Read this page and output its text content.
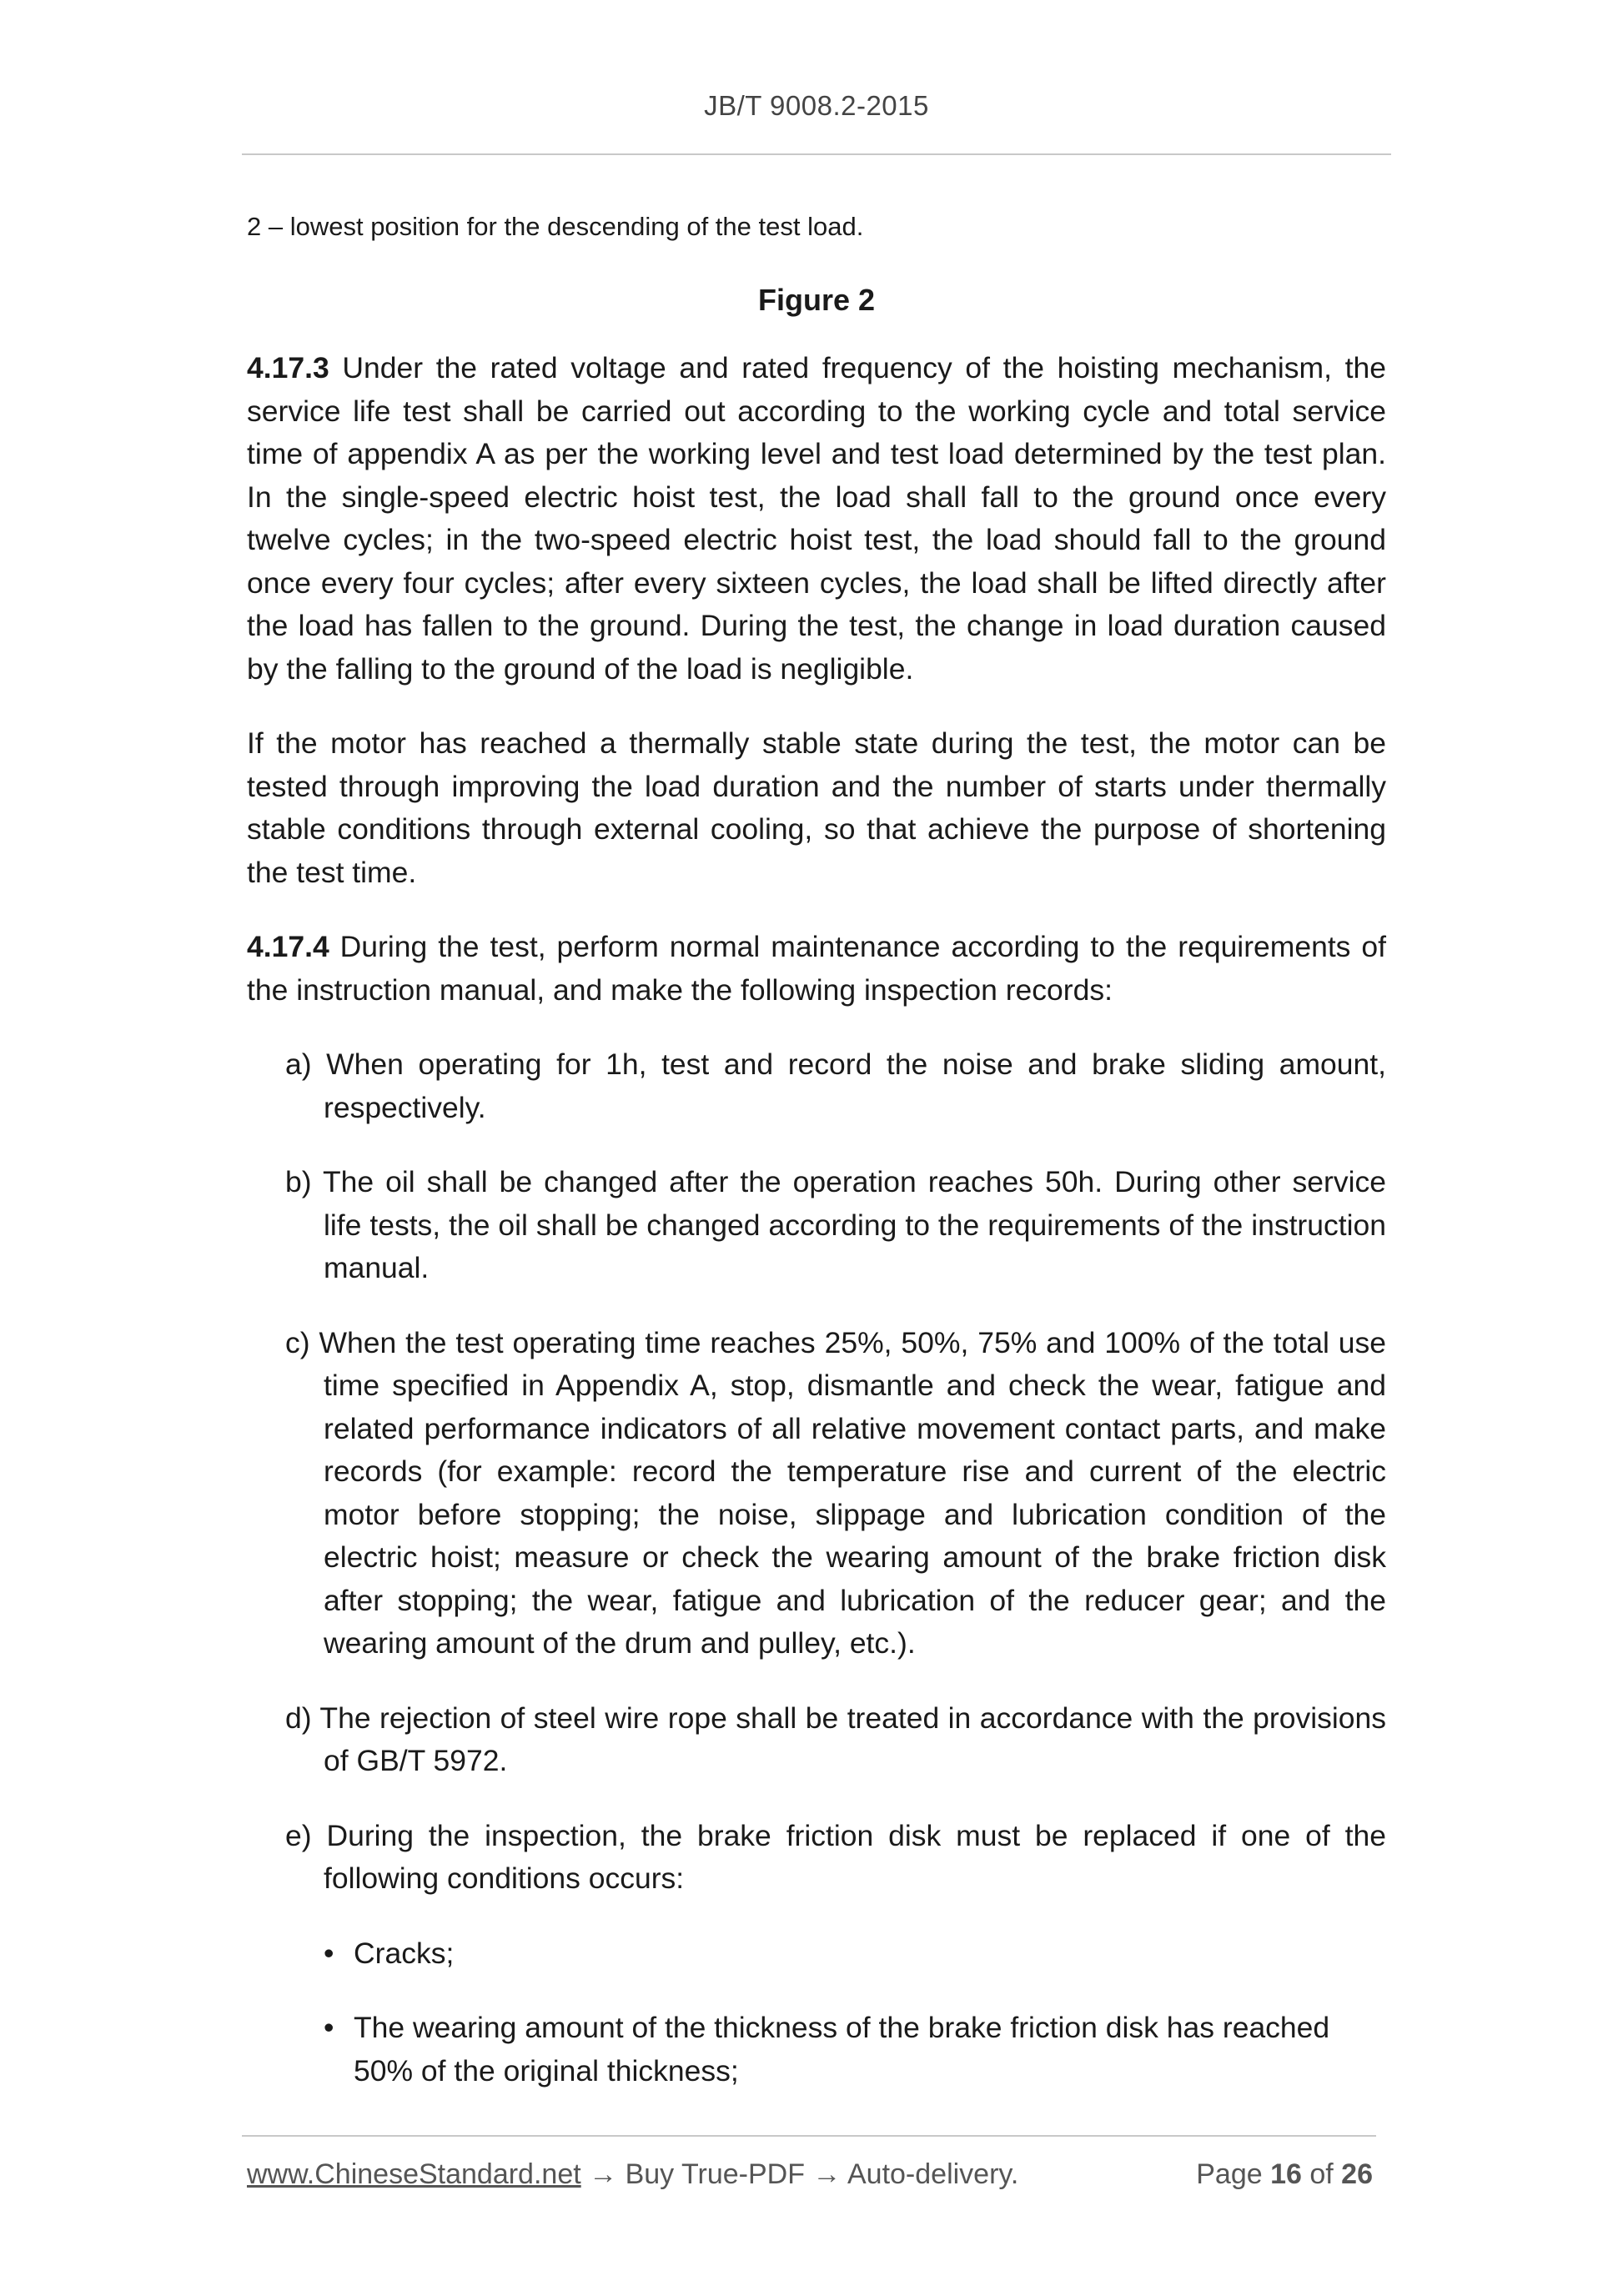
JB/T 9008.2-2015

2 – lowest position for the descending of the test load.

Figure 2

4.17.3 Under the rated voltage and rated frequency of the hoisting mechanism, the service life test shall be carried out according to the working cycle and total service time of appendix A as per the working level and test load determined by the test plan. In the single-speed electric hoist test, the load shall fall to the ground once every twelve cycles; in the two-speed electric hoist test, the load should fall to the ground once every four cycles; after every sixteen cycles, the load shall be lifted directly after the load has fallen to the ground. During the test, the change in load duration caused by the falling to the ground of the load is negligible.

If the motor has reached a thermally stable state during the test, the motor can be tested through improving the load duration and the number of starts under thermally stable conditions through external cooling, so that achieve the purpose of shortening the test time.

4.17.4 During the test, perform normal maintenance according to the requirements of the instruction manual, and make the following inspection records:

a) When operating for 1h, test and record the noise and brake sliding amount, respectively.

b) The oil shall be changed after the operation reaches 50h. During other service life tests, the oil shall be changed according to the requirements of the instruction manual.

c) When the test operating time reaches 25%, 50%, 75% and 100% of the total use time specified in Appendix A, stop, dismantle and check the wear, fatigue and related performance indicators of all relative movement contact parts, and make records (for example: record the temperature rise and current of the electric motor before stopping; the noise, slippage and lubrication condition of the electric hoist; measure or check the wearing amount of the brake friction disk after stopping; the wear, fatigue and lubrication of the reducer gear; and the wearing amount of the drum and pulley, etc.).

d) The rejection of steel wire rope shall be treated in accordance with the provisions of GB/T 5972.

e) During the inspection, the brake friction disk must be replaced if one of the following conditions occurs:

• Cracks;

• The wearing amount of the thickness of the brake friction disk has reached 50% of the original thickness;

www.ChineseStandard.net → Buy True-PDF → Auto-delivery.	Page 16 of 26
